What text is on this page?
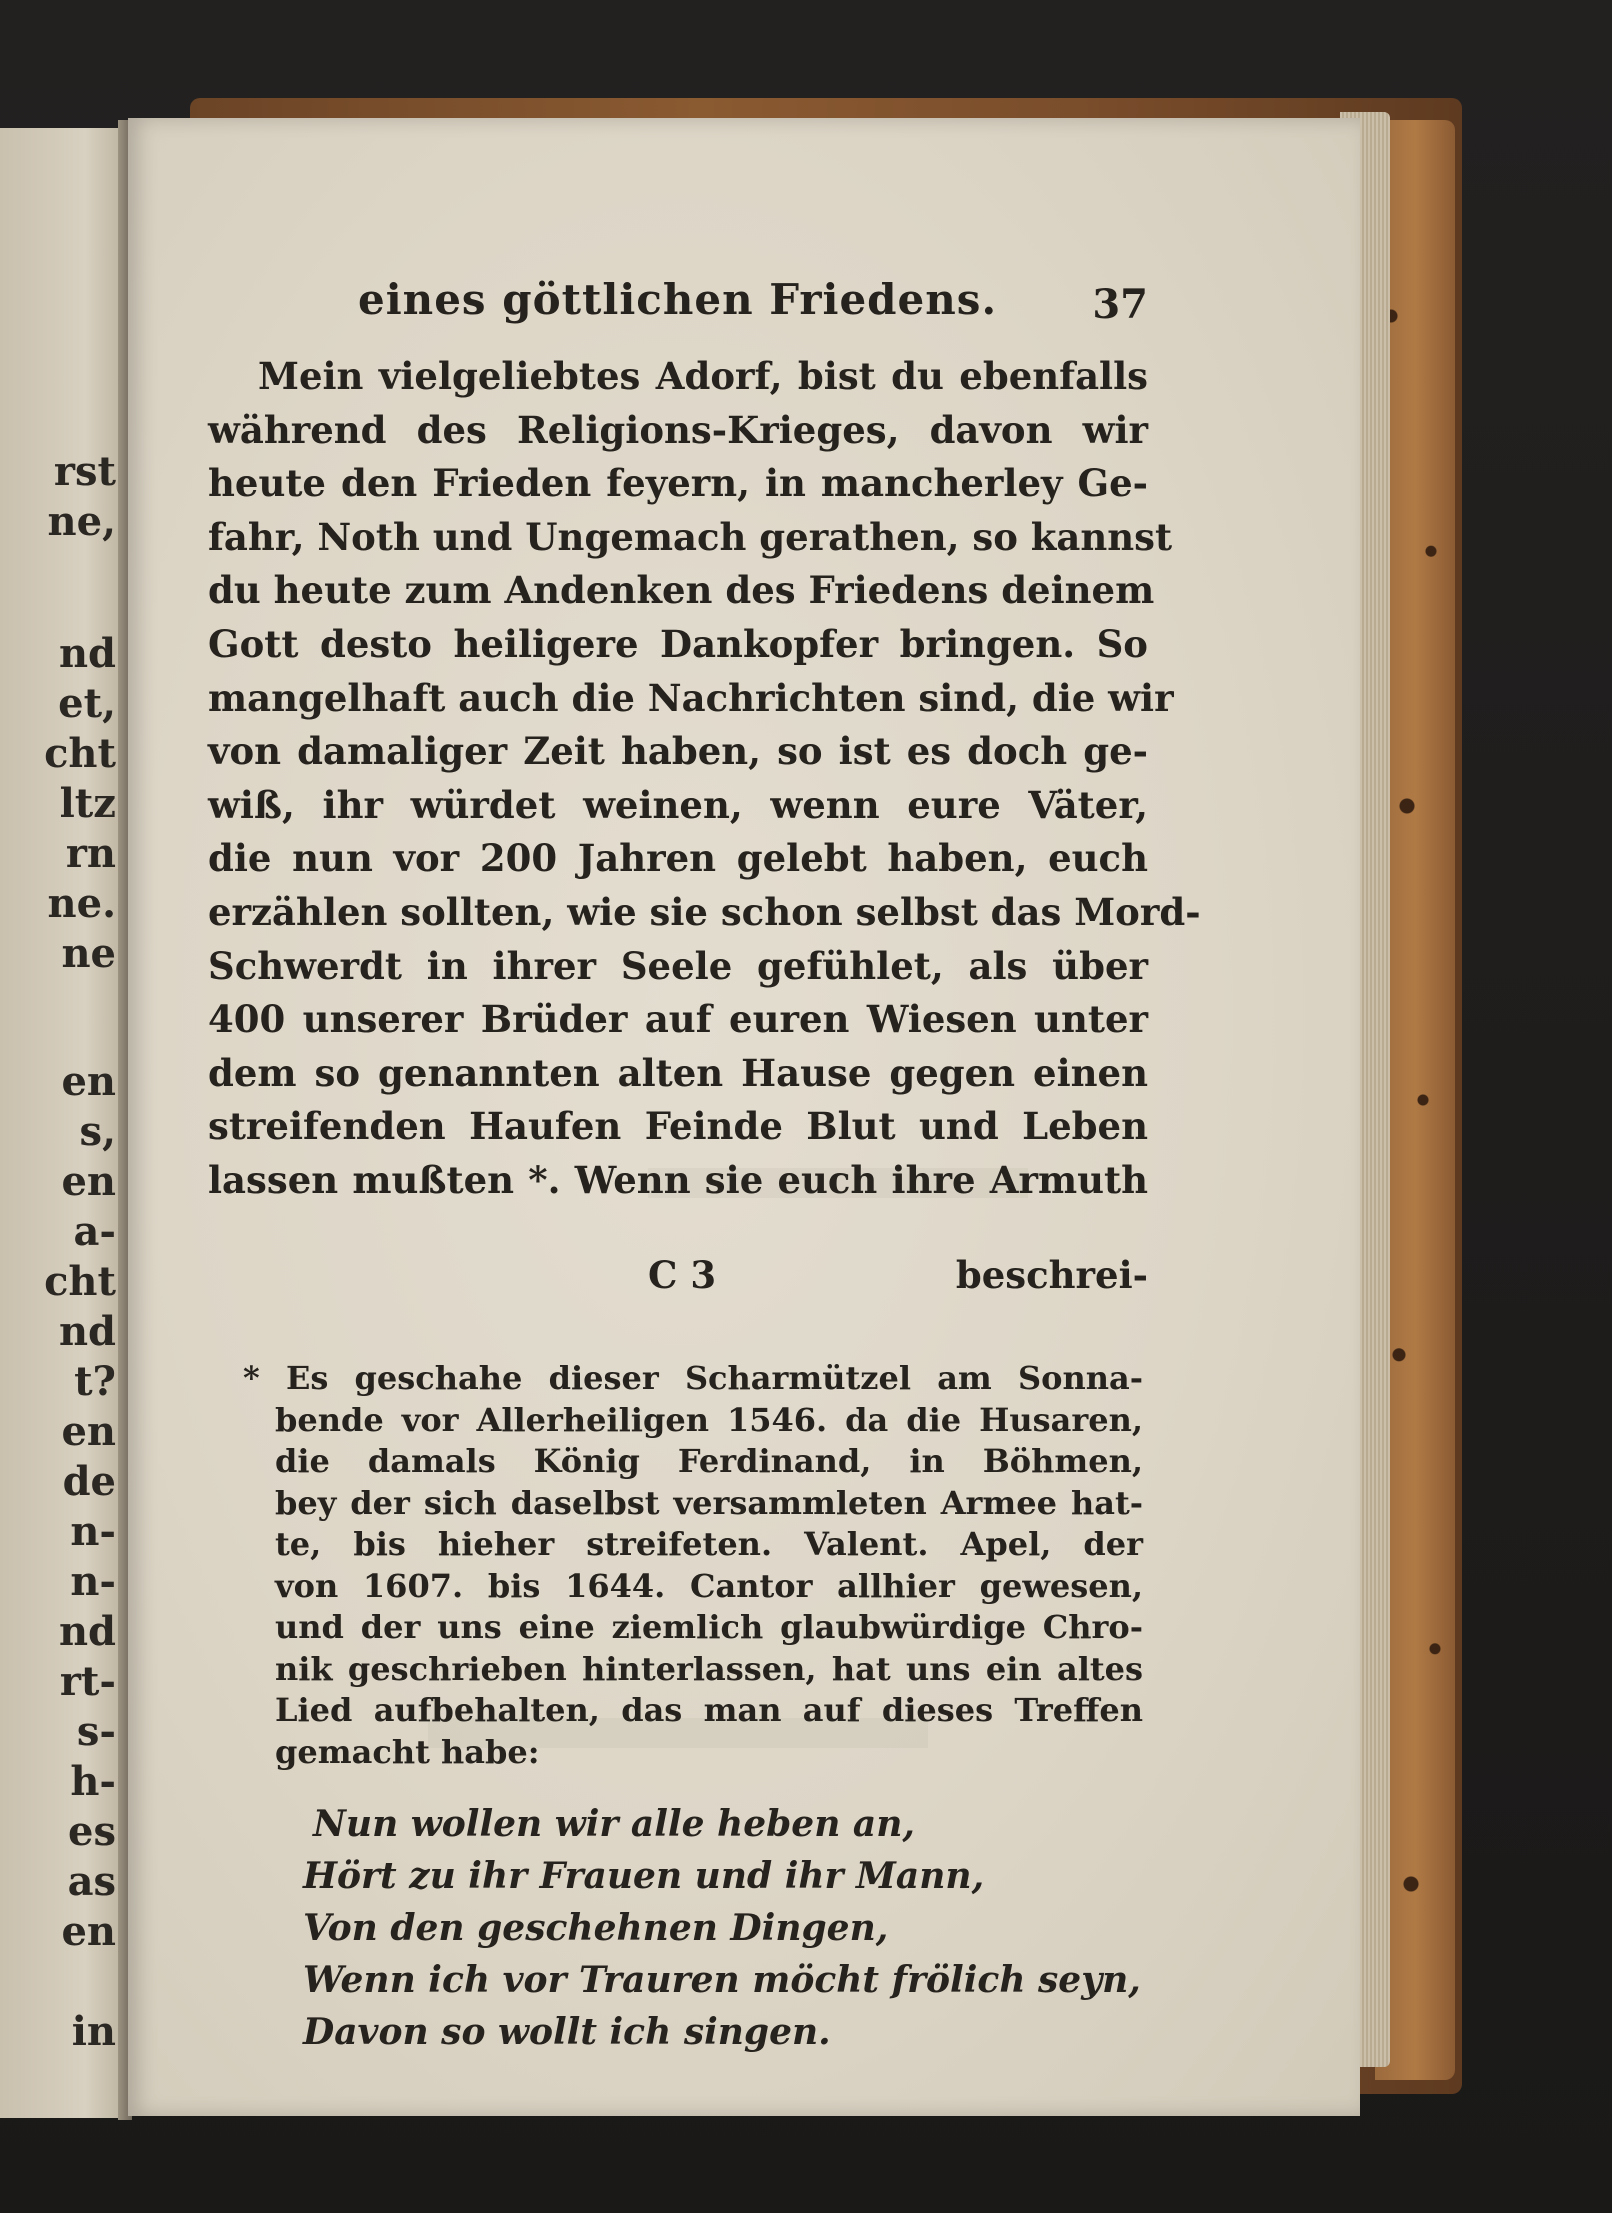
rst
ne,
nd
et,
cht
ltz
rn
ne.
ne
en
s,
en
a-
cht
nd
t?
en
de
n-
n-
nd
rt-
s-
h-
es
as
en
in
eines göttlichen Friedens. 37
Mein vielgeliebtes Adorf, bist du ebenfalls
während des Religions-Krieges, davon wir
heute den Frieden feyern, in mancherley Ge-
fahr, Noth und Ungemach gerathen, so kannst
du heute zum Andenken des Friedens deinem
Gott desto heiligere Dankopfer bringen. So
mangelhaft auch die Nachrichten sind, die wir
von damaliger Zeit haben, so ist es doch ge-
wiß, ihr würdet weinen, wenn eure Väter,
die nun vor 200 Jahren gelebt haben, euch
erzählen sollten, wie sie schon selbst das Mord-
Schwerdt in ihrer Seele gefühlet, als über
400 unserer Brüder auf euren Wiesen unter
dem so genannten alten Hause gegen einen
streifenden Haufen Feinde Blut und Leben
lassen mußten *. Wenn sie euch ihre Armuth
C 3	beschrei-
* Es geschahe dieser Scharmützel am Sonna-
bende vor Allerheiligen 1546. da die Husaren,
die damals König Ferdinand, in Böhmen,
bey der sich daselbst versammleten Armee hat-
te, bis hieher streifeten. Valent. Apel, der
von 1607. bis 1644. Cantor allhier gewesen,
und der uns eine ziemlich glaubwürdige Chro-
nik geschrieben hinterlassen, hat uns ein altes
Lied aufbehalten, das man auf dieses Treffen
gemacht habe:
Nun wollen wir alle heben an,
Hört zu ihr Frauen und ihr Mann,
Von den geschehnen Dingen,
Wenn ich vor Trauren möcht frölich seyn,
Davon so wollt ich singen.
